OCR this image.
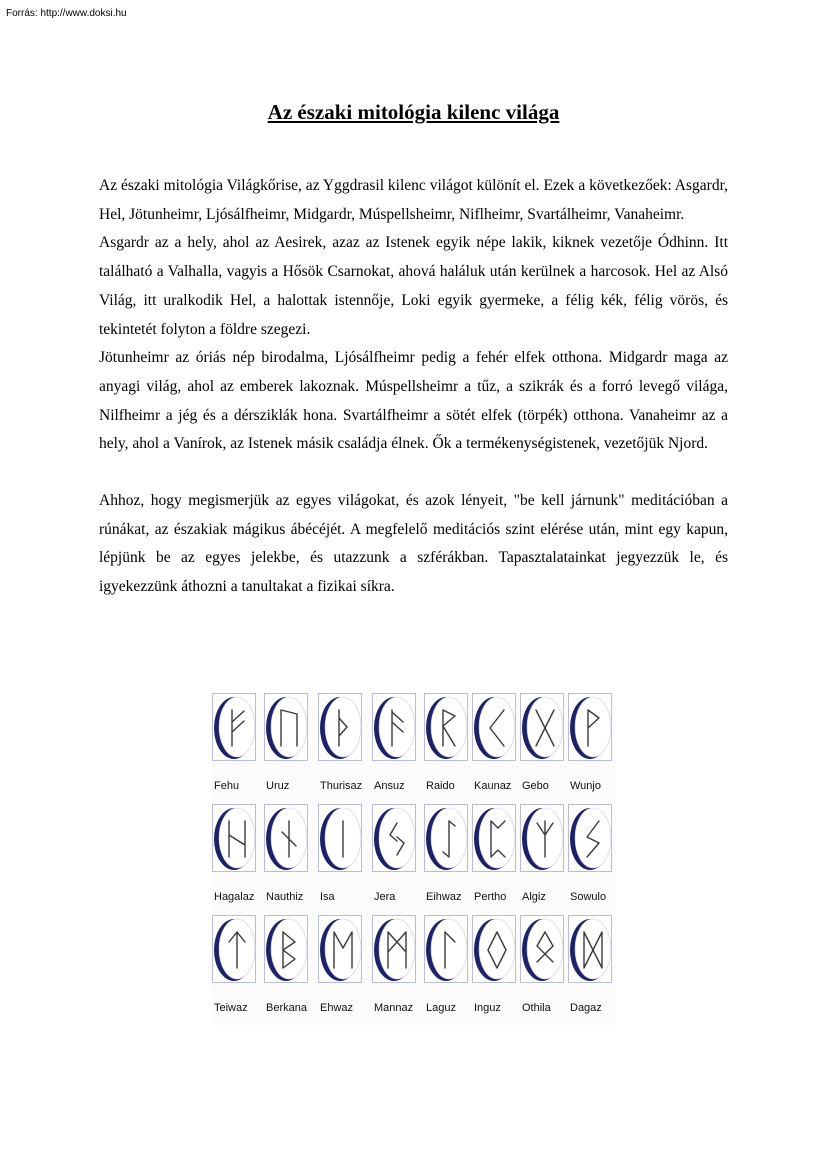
Forrás: http://www.doksi.hu
Az északi mitológia kilenc világa

Az északi mitológia Világkőrise, az Yggdrasil kilenc világot különít el. Ezek a következőek: Asgardr, Hel, Jötunheimr, Ljósálfheimr, Midgardr, Múspellsheimr, Niflheimr, Svartálheimr, Vanaheimr.

Asgardr az a hely, ahol az Aesirek, azaz az Istenek egyik népe lakik, kiknek vezetője Ódhinn. Itt található a Valhalla, vagyis a Hősök Csarnokat, ahová haláluk után kerülnek a harcosok. Hel az Alsó Világ, itt uralkodik Hel, a halottak istennője, Loki egyik gyermeke, a félig kék, félig vörös, és tekintetét folyton a földre szegezi.

Jötunheimr az óriás nép birodalma, Ljósálfheimr pedig a fehér elfek otthona. Midgardr maga az anyagi világ, ahol az emberek lakoznak. Múspellsheimr a tűz, a szikrák és a forró levegő világa, Nilfheimr a jég és a dérsziklák hona. Svartálfheimr a sötét elfek (törpék) otthona. Vanaheimr az a hely, ahol a Vanírok, az Istenek másik családja élnek. Ők a termékenységistenek, vezetőjük Njord.

Ahhoz, hogy megismerjük az egyes világokat, és azok lényeit, "be kell járnunk" meditációban a rúnákat, az északiak mágikus ábécéjét. A megfelelő meditációs szint elérése után, mint egy kapun, lépjünk be az egyes jelekbe, és utazzunk a szférákban. Tapasztalatainkat jegyezzük le, és igyekezzünk áthozni a tanultakat a fizikai síkra.

Fehu Uruz	Thurisaz Ansuz Raido Kaunaz Gebo Wunjo
Hagalaz Nauthiz Isa	Jera	Eihwaz Pertho Algiz Sowulo
Teiwaz Berkana Ehwaz Mannaz Laguz Inguz Othila Dagaz
